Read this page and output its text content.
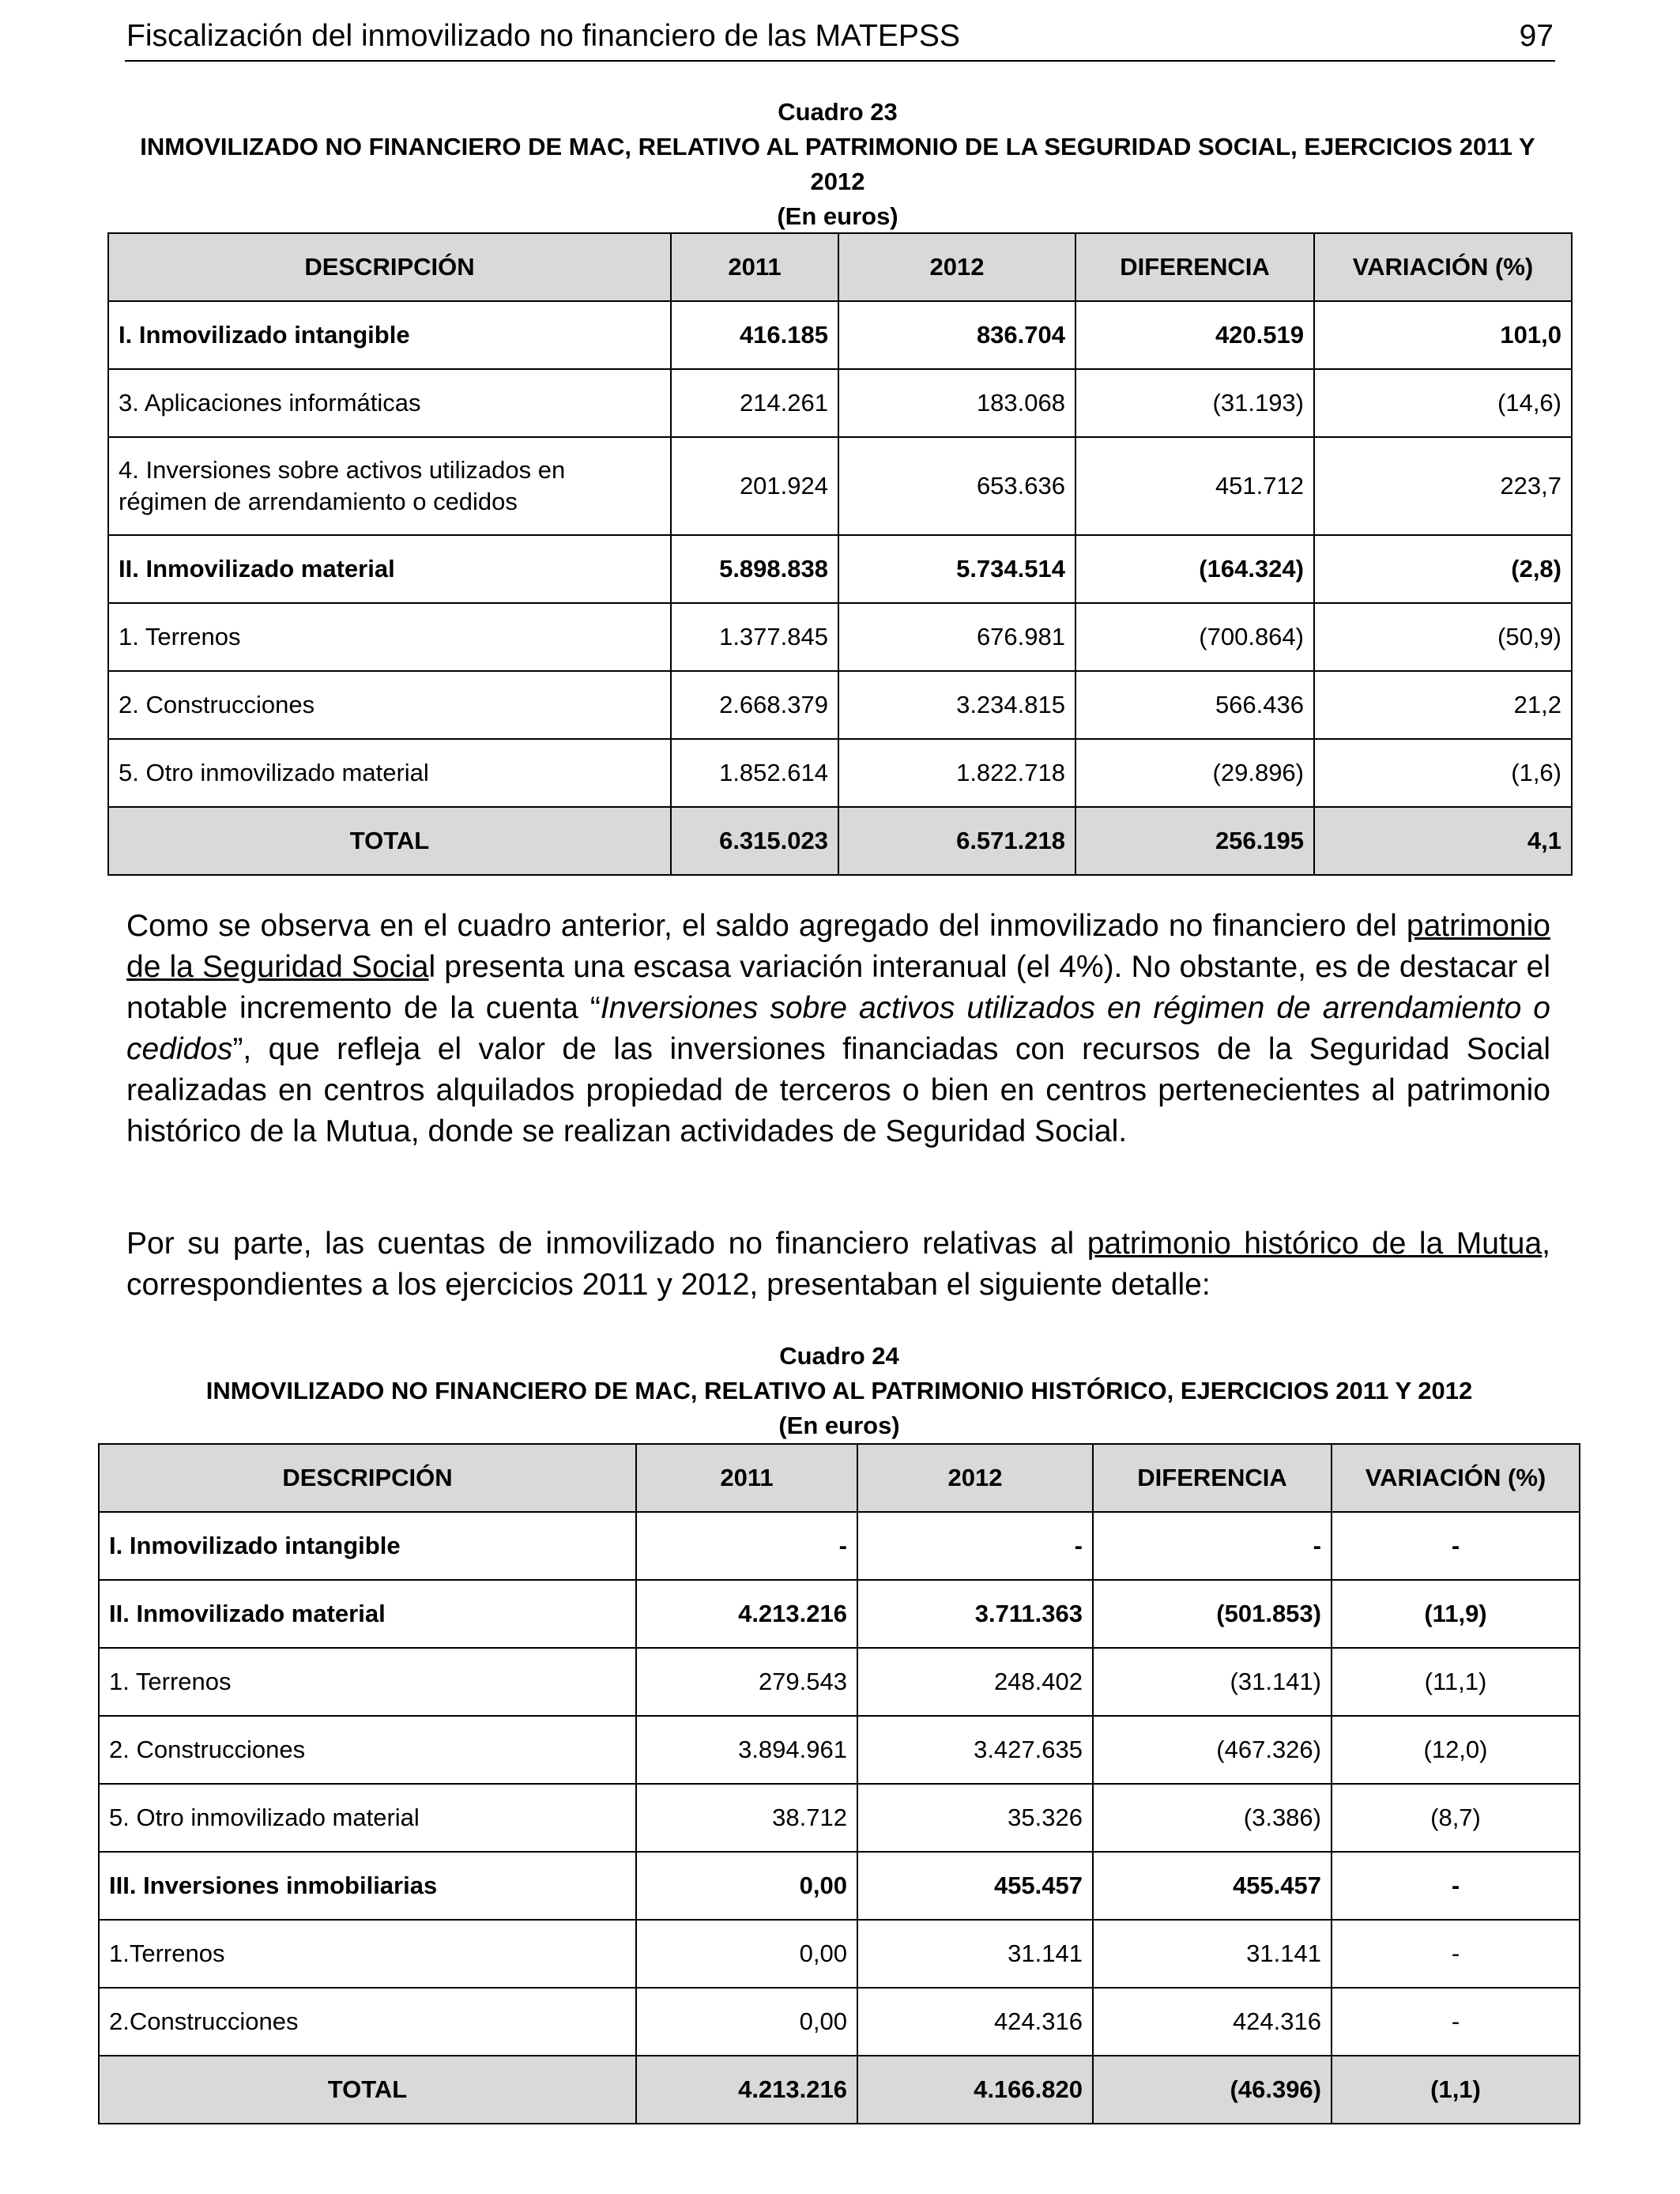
Fiscalización del inmovilizado no financiero de las MATEPSS	97
Cuadro 23
INMOVILIZADO NO FINANCIERO DE MAC, RELATIVO AL PATRIMONIO DE LA SEGURIDAD SOCIAL, EJERCICIOS 2011 Y 2012
(En euros)
DESCRIPCIÓN	2011	2012	DIFERENCIA	VARIACIÓN (%)
I. Inmovilizado intangible	416.185	836.704	420.519	101,0
3. Aplicaciones informáticas	214.261	183.068	(31.193)	(14,6)

4. Inversiones sobre activos utilizados en
régimen de arrendamiento o cedidos	201.924	653.636	451.712	223,7
II. Inmovilizado material	5.898.838	5.734.514	(164.324)	(2,8)
1. Terrenos	1.377.845	676.981	(700.864)	(50,9)
2. Construcciones	2.668.379	3.234.815	566.436	21,2
5. Otro inmovilizado material	1.852.614	1.822.718	(29.896)	(1,6)
TOTAL	6.315.023	6.571.218	256.195	4,1
Como se observa en el cuadro anterior, el saldo agregado del inmovilizado no financiero del patrimonio de la Seguridad Social presenta una escasa variación interanual (el 4%). No obstante, es de destacar el notable incremento de la cuenta “Inversiones sobre activos utilizados en régimen de arrendamiento o cedidos”, que refleja el valor de las inversiones financiadas con recursos de la Seguridad Social realizadas en centros alquilados propiedad de terceros o bien en centros pertenecientes al patrimonio histórico de la Mutua, donde se realizan actividades de Seguridad Social.
Por su parte, las cuentas de inmovilizado no financiero relativas al patrimonio histórico de la Mutua, correspondientes a los ejercicios 2011 y 2012, presentaban el siguiente detalle:
Cuadro 24
INMOVILIZADO NO FINANCIERO DE MAC, RELATIVO AL PATRIMONIO HISTÓRICO, EJERCICIOS 2011 Y 2012
(En euros)
DESCRIPCIÓN	2011	2012	DIFERENCIA	VARIACIÓN (%)
I. Inmovilizado intangible	-	-	-	-
II. Inmovilizado material	4.213.216	3.711.363	(501.853)	(11,9)
1. Terrenos	279.543	248.402	(31.141)	(11,1)
2. Construcciones	3.894.961	3.427.635	(467.326)	(12,0)
5. Otro inmovilizado material	38.712	35.326	(3.386)	(8,7)
III. Inversiones inmobiliarias	0,00	455.457	455.457	-
1.Terrenos	0,00	31.141	31.141	-
2.Construcciones	0,00	424.316	424.316	-
TOTAL	4.213.216	4.166.820	(46.396)	(1,1)
